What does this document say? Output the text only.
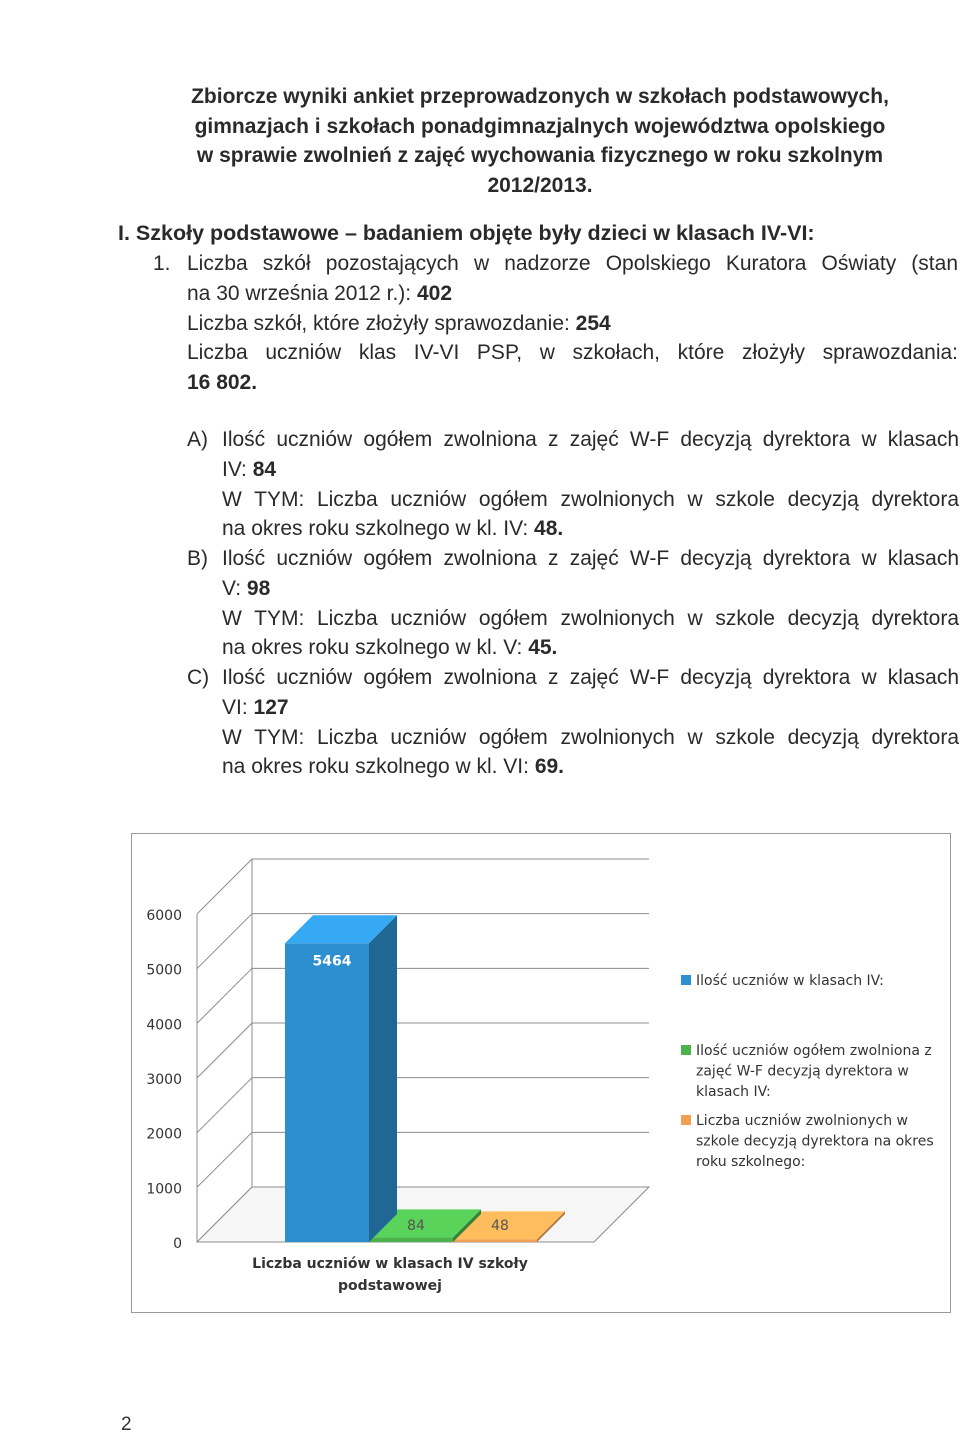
Zbiorcze wyniki ankiet przeprowadzonych w szkołach podstawowych,
gimnazjach i szkołach ponadgimnazjalnych województwa opolskiego
w sprawie zwolnień z zajęć wychowania fizycznego w roku szkolnym
2012/2013.
I. Szkoły podstawowe – badaniem objęte były dzieci w klasach IV-VI:
1. Liczba szkół pozostających w nadzorze Opolskiego Kuratora Oświaty (stan
na 30 września 2012 r.): 402
Liczba szkół, które złożyły sprawozdanie: 254
Liczba uczniów klas IV-VI PSP, w szkołach, które złożyły sprawozdania:
16 802.
A) Ilość uczniów ogółem zwolniona z zajęć W-F decyzją dyrektora w klasach
IV: 84
W TYM: Liczba uczniów ogółem zwolnionych w szkole decyzją dyrektora
na okres roku szkolnego w kl. IV: 48.
B) Ilość uczniów ogółem zwolniona z zajęć W-F decyzją dyrektora w klasach
V: 98
W TYM: Liczba uczniów ogółem zwolnionych w szkole decyzją dyrektora
na okres roku szkolnego w kl. V: 45.
C) Ilość uczniów ogółem zwolniona z zajęć W-F decyzją dyrektora w klasach
VI: 127
W TYM: Liczba uczniów ogółem zwolnionych w szkole decyzją dyrektora
na okres roku szkolnego w kl. VI: 69.
0
1000
2000
3000
4000
5000
6000
5464
84	48
Liczba uczniów w klasach IV szkoły
podstawowej
Ilość uczniów w klasach IV:
Ilość uczniów ogółem zwolniona z
zajęć W-F decyzją dyrektora w
klasach IV:
Liczba uczniów zwolnionych w
szkole decyzją dyrektora na okres
roku szkolnego:
2
